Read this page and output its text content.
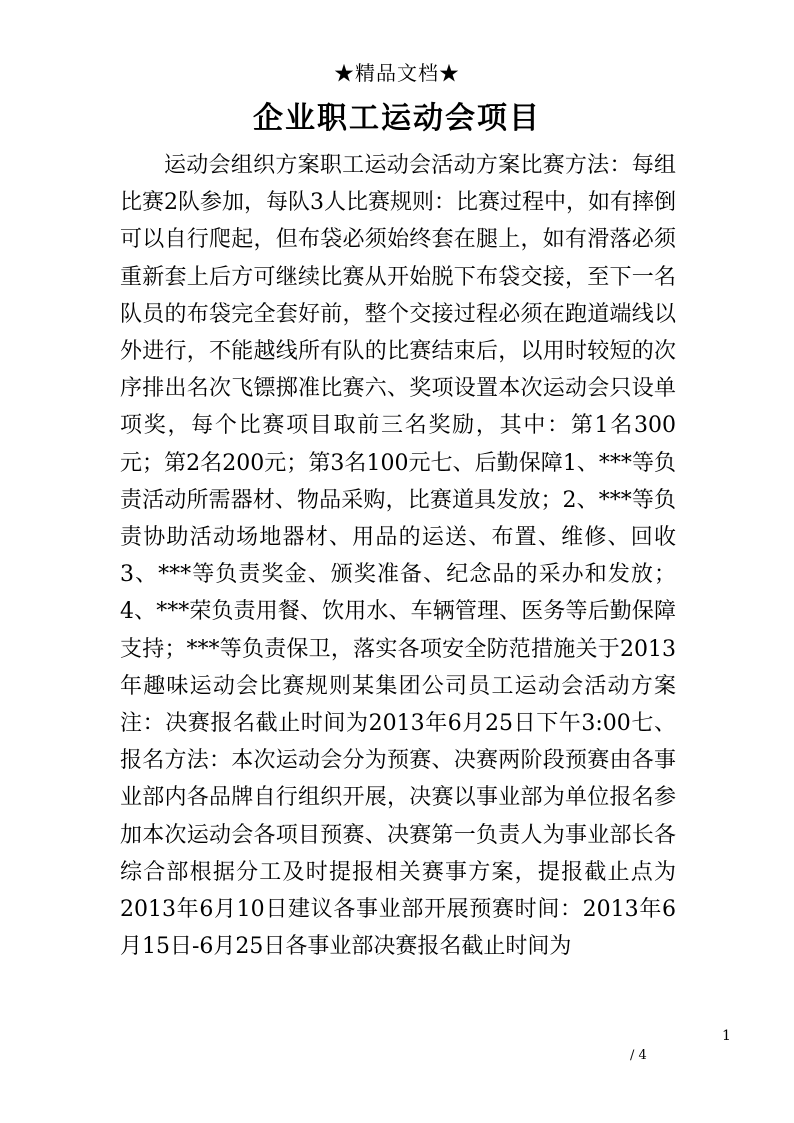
★精品文档★
企业职工运动会项目

运动会组织方案职工运动会活动方案比赛方法：每组比赛2队参加，每队3人比赛规则：比赛过程中，如有摔倒可以自行爬起，但布袋必须始终套在腿上，如有滑落必须重新套上后方可继续比赛从开始脱下布袋交接，至下一名队员的布袋完全套好前，整个交接过程必须在跑道端线以外进行，不能越线所有队的比赛结束后，以用时较短的次序排出名次飞镖掷准比赛六、奖项设置本次运动会只设单项奖，每个比赛项目取前三名奖励，其中：第1名300元；第2名200元；第3名100元七、后勤保障1、***等负责活动所需器材、物品采购，比赛道具发放；2、***等负责协助活动场地器材、用品的运送、布置、维修、回收3、***等负责奖金、颁奖准备、纪念品的采办和发放；4、***荣负责用餐、饮用水、车辆管理、医务等后勤保障支持；***等负责保卫，落实各项安全防范措施关于2013年趣味运动会比赛规则某集团公司员工运动会活动方案注：决赛报名截止时间为2013年6月25日下午3:00七、报名方法：本次运动会分为预赛、决赛两阶段预赛由各事业部内各品牌自行组织开展，决赛以事业部为单位报名参加本次运动会各项目预赛、决赛第一负责人为事业部长各综合部根据分工及时提报相关赛事方案，提报截止点为2013年6月10日建议各事业部开展预赛时间：2013年6月15日-6月25日各事业部决赛报名截止时间为

1
/ 4
